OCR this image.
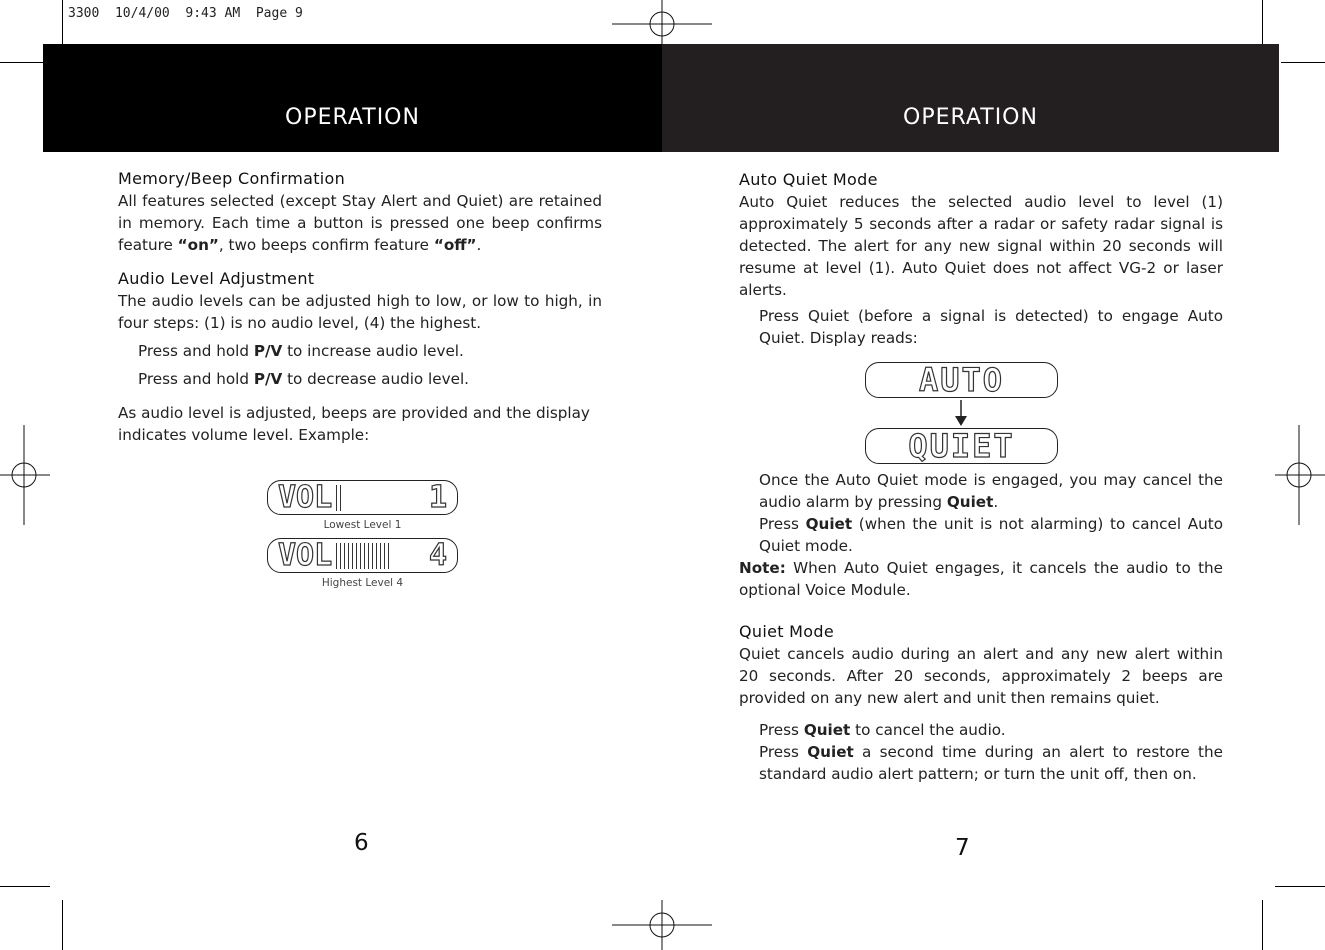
3300  10/4/00  9:43 AM  Page 9
OPERATION	OPERATION
Memory/Beep Confirmation

All features selected (except Stay Alert and Quiet) are retained in memory. Each time a button is pressed one beep confirms feature “on”, two beeps confirm feature “off”.

Audio Level Adjustment

The audio levels can be adjusted high to low, or low to high, in four steps: (1) is no audio level, (4) the highest.

Press and hold P/V to increase audio level.

Press and hold P/V to decrease audio level.

As audio level is adjusted, beeps are provided and the display indicates volume level. Example:

VOL	1
Lowest Level 1
VOL	4
Highest Level 4
6
Auto Quiet Mode

Auto Quiet reduces the selected audio level to level (1) approximately 5 seconds after a radar or safety radar signal is detected. The alert for any new signal within 20 seconds will resume at level (1). Auto Quiet does not affect VG-2 or laser alerts.

Press Quiet (before a signal is detected) to engage Auto Quiet. Display reads:

AUTO
QUIET

Once the Auto Quiet mode is engaged, you may cancel the audio alarm by pressing Quiet.

Press Quiet (when the unit is not alarming) to cancel Auto Quiet mode.

Note: When Auto Quiet engages, it cancels the audio to the optional Voice Module.

Quiet Mode

Quiet cancels audio during an alert and any new alert within 20 seconds. After 20 seconds, approximately 2 beeps are provided on any new alert and unit then remains quiet.

Press Quiet to cancel the audio.

Press Quiet a second time during an alert to restore the standard audio alert pattern; or turn the unit off, then on.

7
